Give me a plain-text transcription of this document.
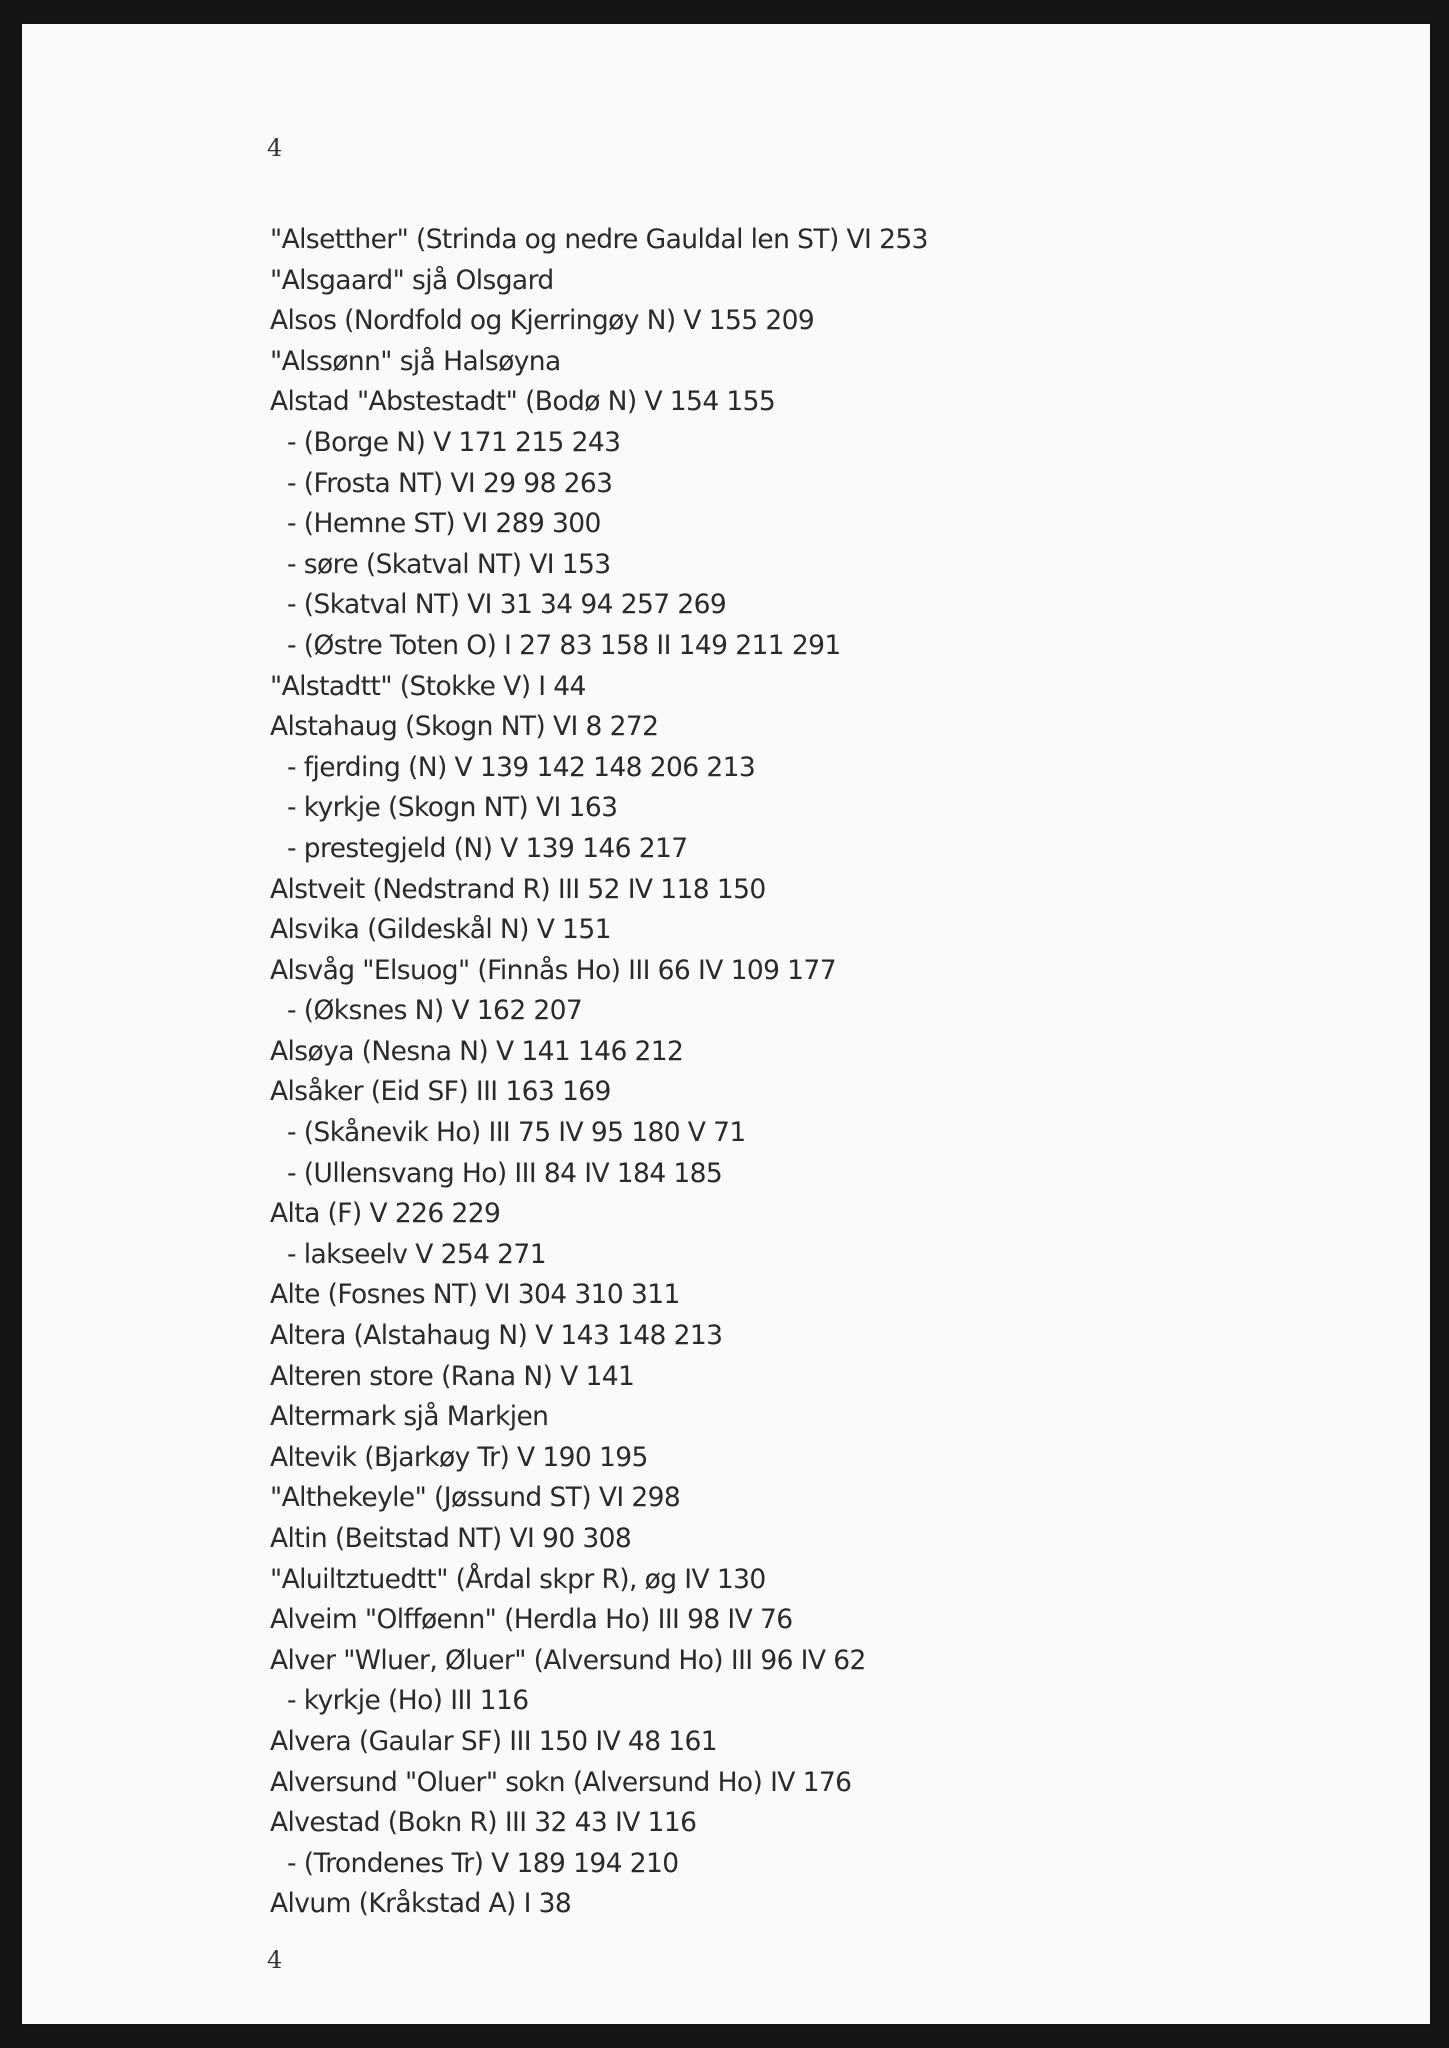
4
"Alsetther" (Strinda og nedre Gauldal len ST) VI 253
"Alsgaard" sjå Olsgard
Alsos (Nordfold og Kjerringøy N) V 155 209
"Alssønn" sjå Halsøyna
Alstad "Abstestadt" (Bodø N) V 154 155
- (Borge N) V 171 215 243
- (Frosta NT) VI 29 98 263
- (Hemne ST) VI 289 300
- søre (Skatval NT) VI 153
- (Skatval NT) VI 31 34 94 257 269
- (Østre Toten O) I 27 83 158 II 149 211 291
"Alstadtt" (Stokke V) I 44
Alstahaug (Skogn NT) VI 8 272
- fjerding (N) V 139 142 148 206 213
- kyrkje (Skogn NT) VI 163
- prestegjeld (N) V 139 146 217
Alstveit (Nedstrand R) III 52 IV 118 150
Alsvika (Gildeskål N) V 151
Alsvåg "Elsuog" (Finnås Ho) III 66 IV 109 177
- (Øksnes N) V 162 207
Alsøya (Nesna N) V 141 146 212
Alsåker (Eid SF) III 163 169
- (Skånevik Ho) III 75 IV 95 180 V 71
- (Ullensvang Ho) III 84 IV 184 185
Alta (F) V 226 229
- lakseelv V 254 271
Alte (Fosnes NT) VI 304 310 311
Altera (Alstahaug N) V 143 148 213
Alteren store (Rana N) V 141
Altermark sjå Markjen
Altevik (Bjarkøy Tr) V 190 195
"Althekeyle" (Jøssund ST) VI 298
Altin (Beitstad NT) VI 90 308
"Aluiltztuedtt" (Årdal skpr R), øg IV 130
Alveim "Olfføenn" (Herdla Ho) III 98 IV 76
Alver "Wluer, Øluer" (Alversund Ho) III 96 IV 62
- kyrkje (Ho) III 116
Alvera (Gaular SF) III 150 IV 48 161
Alversund "Oluer" sokn (Alversund Ho) IV 176
Alvestad (Bokn R) III 32 43 IV 116
- (Trondenes Tr) V 189 194 210
Alvum (Kråkstad A) I 38
4
